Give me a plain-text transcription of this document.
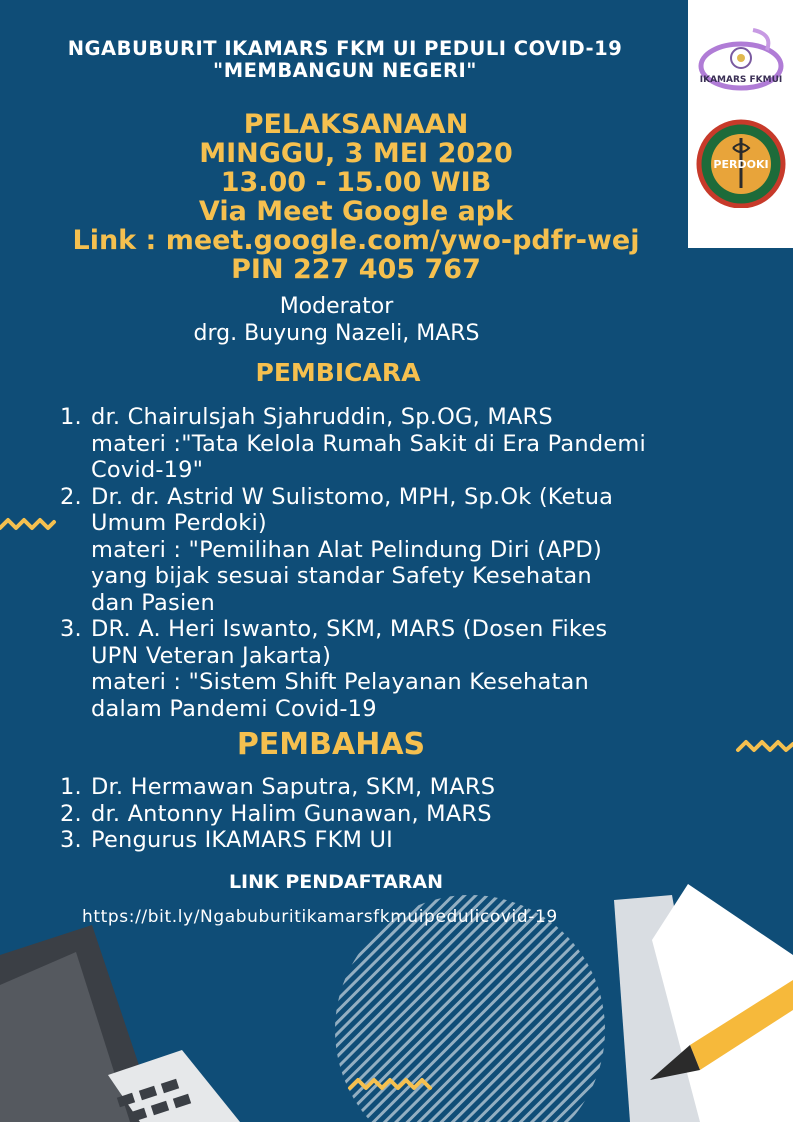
IKAMARS FKMUI
PERDOKI
NGABUBURIT IKAMARS FKM UI PEDULI COVID-19
"MEMBANGUN NEGERI"
PELAKSANAAN
MINGGU, 3 MEI 2020
13.00 - 15.00 WIB
Via Meet Google apk
Link : meet.google.com/ywo-pdfr-wej
PIN 227 405 767
Moderator
drg. Buyung Nazeli, MARS
PEMBICARA
1. dr. Chairulsjah Sjahruddin, Sp.OG, MARS
materi :"Tata Kelola Rumah Sakit di Era Pandemi
Covid-19"
2. Dr. dr. Astrid W Sulistomo, MPH, Sp.Ok (Ketua
Umum Perdoki)
materi : "Pemilihan Alat Pelindung Diri (APD)
yang bijak sesuai standar Safety Kesehatan
dan Pasien
3. DR. A. Heri Iswanto, SKM, MARS (Dosen Fikes
UPN Veteran Jakarta)
materi : "Sistem Shift Pelayanan Kesehatan
dalam Pandemi Covid-19
PEMBAHAS
1. Dr. Hermawan Saputra, SKM, MARS
2. dr. Antonny Halim Gunawan, MARS
3. Pengurus IKAMARS FKM UI
LINK PENDAFTARAN
https://bit.ly/Ngabuburitikamarsfkmuipedulicovid-19
